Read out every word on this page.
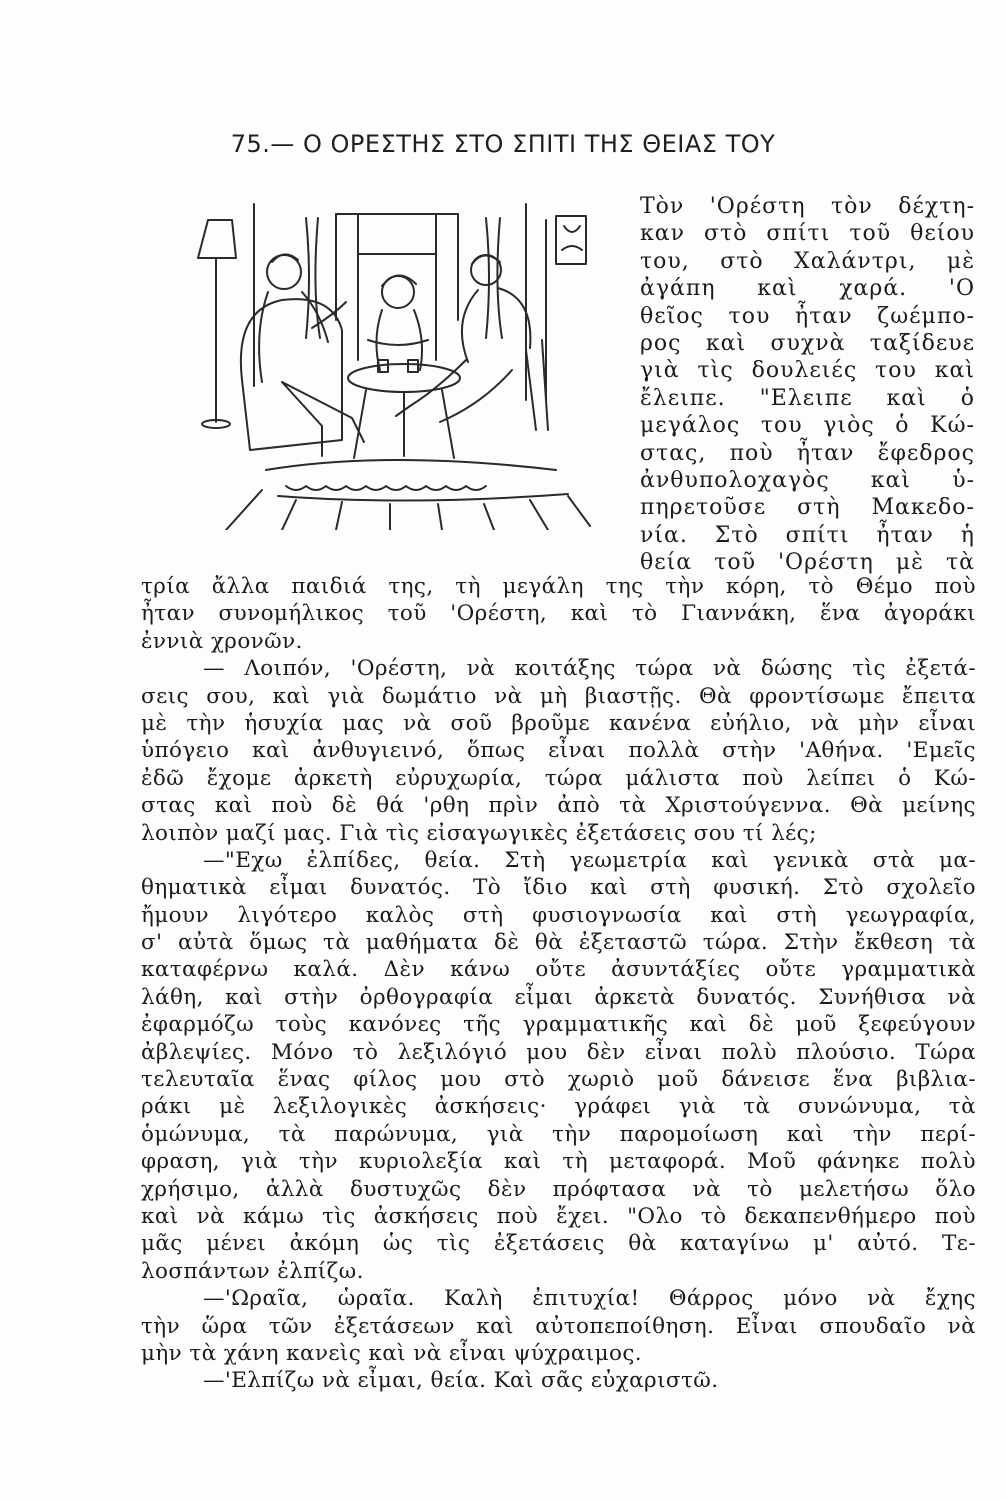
75.— Ο ΟΡΕΣΤΗΣ ΣΤΟ ΣΠΙΤΙ ΤΗΣ ΘΕΙΑΣ ΤΟΥ
Τὸν 'Ορέστη τὸν δέχτη-
καν στὸ σπίτι τοῦ θείου
του, στὸ Χαλάντρι, μὲ
ἀγάπη καὶ χαρά. 'Ο
θεῖος του ἦταν ζωέμπο-
ρος καὶ συχνὰ ταξίδευε
γιὰ τὶς δουλειές του καὶ
ἔλειπε. "Ελειπε καὶ ὁ
μεγάλος του γιὸς ὁ Κώ-
στας, ποὺ ἦταν ἔφεδρος
ἀνθυπολοχαγὸς καὶ ὑ-
πηρετοῦσε στὴ Μακεδο-
νία. Στὸ σπίτι ἦταν ἡ
θεία τοῦ 'Ορέστη μὲ τὰ
τρία ἄλλα παιδιά της, τὴ μεγάλη της τὴν κόρη, τὸ Θέμο ποὺ
ἦταν συνομήλικος τοῦ 'Ορέστη, καὶ τὸ Γιαννάκη, ἕνα ἀγοράκι
ἐννιὰ χρονῶν.
— Λοιπόν, 'Ορέστη, νὰ κοιτάξης τώρα νὰ δώσης τὶς ἐξετά-
σεις σου, καὶ γιὰ δωμάτιο νὰ μὴ βιαστῇς. Θὰ φροντίσωμε ἔπειτα
μὲ τὴν ἡσυχία μας νὰ σοῦ βροῦμε κανένα εὐήλιο, νὰ μὴν εἶναι
ὑπόγειο καὶ ἀνθυγιεινό, ὅπως εἶναι πολλὰ στὴν 'Αθήνα. 'Εμεῖς
ἐδῶ ἔχομε ἀρκετὴ εὐρυχωρία, τώρα μάλιστα ποὺ λείπει ὁ Κώ-
στας καὶ ποὺ δὲ θά 'ρθη πρὶν ἀπὸ τὰ Χριστούγεννα. Θὰ μείνης
λοιπὸν μαζί μας. Γιὰ τὶς εἰσαγωγικὲς ἐξετάσεις σου τί λές;
—"Εχω ἐλπίδες, θεία. Στὴ γεωμετρία καὶ γενικὰ στὰ μα-
θηματικὰ εἶμαι δυνατός. Τὸ ἴδιο καὶ στὴ φυσική. Στὸ σχολεῖο
ἤμουν λιγότερο καλὸς στὴ φυσιογνωσία καὶ στὴ γεωγραφία,
σ' αὐτὰ ὅμως τὰ μαθήματα δὲ θὰ ἐξεταστῶ τώρα. Στὴν ἔκθεση τὰ
καταφέρνω καλά. Δὲν κάνω οὔτε ἀσυντάξίες οὔτε γραμματικὰ
λάθη, καὶ στὴν ὀρθογραφία εἶμαι ἀρκετὰ δυνατός. Συνήθισα νὰ
ἐφαρμόζω τοὺς κανόνες τῆς γραμματικῆς καὶ δὲ μοῦ ξεφεύγουν
ἀβλεψίες. Μόνο τὸ λεξιλόγιό μου δὲν εἶναι πολὺ πλούσιο. Τώρα
τελευταῖα ἕνας φίλος μου στὸ χωριὸ μοῦ δάνεισε ἕνα βιβλια-
ράκι μὲ λεξιλογικὲς ἀσκήσεις· γράφει γιὰ τὰ συνώνυμα, τὰ
ὁμώνυμα, τὰ παρώνυμα, γιὰ τὴν παρομοίωση καὶ τὴν περί-
φραση, γιὰ τὴν κυριολεξία καὶ τὴ μεταφορά. Μοῦ φάνηκε πολὺ
χρήσιμο, ἀλλὰ δυστυχῶς δὲν πρόφτασα νὰ τὸ μελετήσω ὅλο
καὶ νὰ κάμω τὶς ἀσκήσεις ποὺ ἔχει. "Ολο τὸ δεκαπενθήμερο ποὺ
μᾶς μένει ἀκόμη ὡς τὶς ἐξετάσεις θὰ καταγίνω μ' αὐτό. Τε-
λοσπάντων ἐλπίζω.
—'Ωραῖα, ὡραῖα. Καλὴ ἐπιτυχία! Θάρρος μόνο νὰ ἔχης
τὴν ὥρα τῶν ἐξετάσεων καὶ αὐτοπεποίθηση. Εἶναι σπουδαῖο νὰ
μὴν τὰ χάνη κανεὶς καὶ νὰ εἶναι ψύχραιμος.
—'Ελπίζω νὰ εἶμαι, θεία. Καὶ σᾶς εὐχαριστῶ.
